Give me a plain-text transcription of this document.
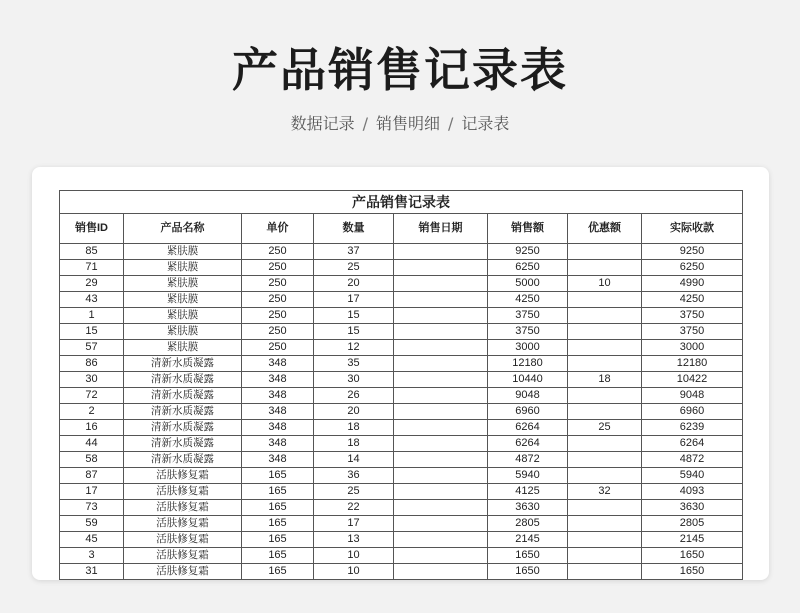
产品销售记录表
数据记录 / 销售明细 / 记录表
产品销售记录表							
销售ID	产品名称	单价	数量	销售日期	销售额	优惠额	实际收款
85	紧肤膜	250	37		9250		9250
71	紧肤膜	250	25		6250		6250
29	紧肤膜	250	20		5000	10	4990
43	紧肤膜	250	17		4250		4250
1	紧肤膜	250	15		3750		3750
15	紧肤膜	250	15		3750		3750
57	紧肤膜	250	12		3000		3000
86	清新水质凝露	348	35		12180		12180
30	清新水质凝露	348	30		10440	18	10422
72	清新水质凝露	348	26		9048		9048
2	清新水质凝露	348	20		6960		6960
16	清新水质凝露	348	18		6264	25	6239
44	清新水质凝露	348	18		6264		6264
58	清新水质凝露	348	14		4872		4872
87	活肤修复霜	165	36		5940		5940
17	活肤修复霜	165	25		4125	32	4093
73	活肤修复霜	165	22		3630		3630
59	活肤修复霜	165	17		2805		2805
45	活肤修复霜	165	13		2145		2145
3	活肤修复霜	165	10		1650		1650
31	活肤修复霜	165	10		1650		1650
